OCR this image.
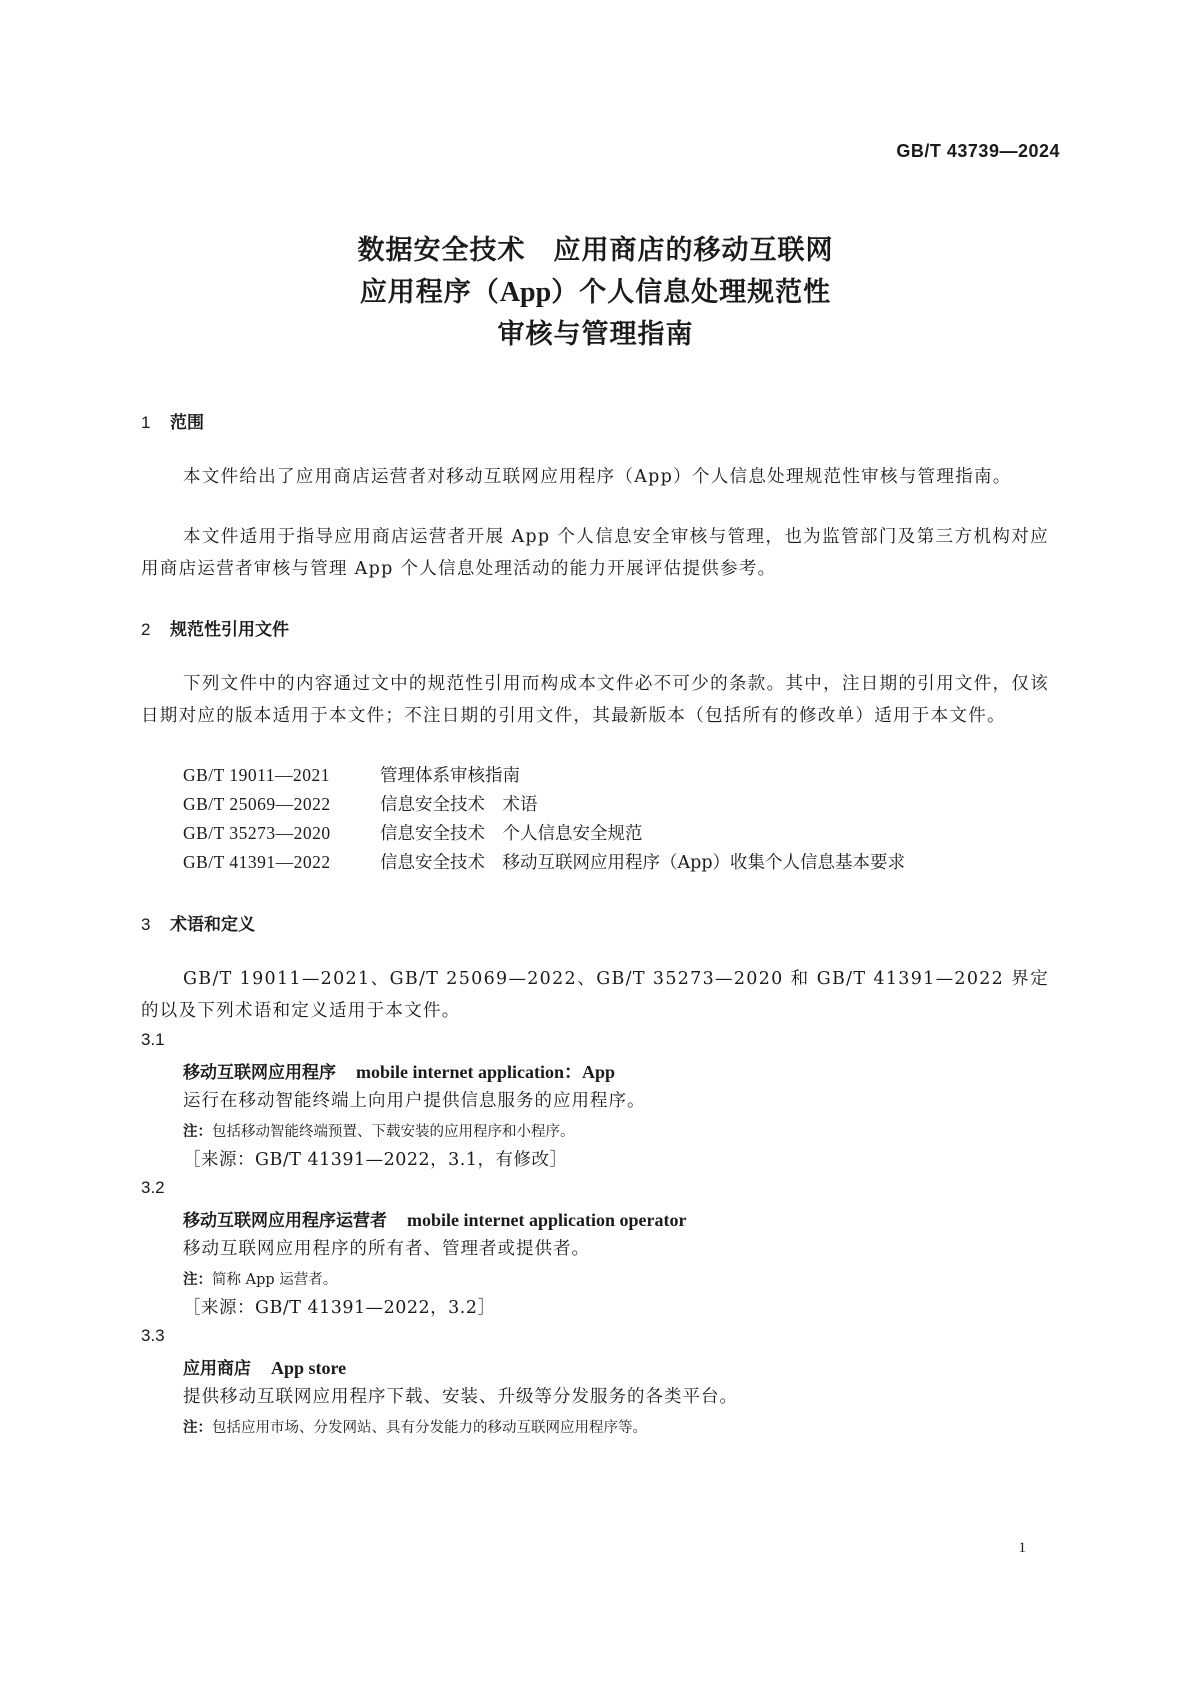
GB/T 43739—2024
数据安全技术　应用商店的移动互联网
应用程序（App）个人信息处理规范性
审核与管理指南
1 范围
本文件给出了应用商店运营者对移动互联网应用程序（App）个人信息处理规范性审核与管理指南。
本文件适用于指导应用商店运营者开展 App 个人信息安全审核与管理，也为监管部门及第三方机构对应用商店运营者审核与管理 App 个人信息处理活动的能力开展评估提供参考。
2 规范性引用文件
下列文件中的内容通过文中的规范性引用而构成本文件必不可少的条款。其中，注日期的引用文件，仅该日期对应的版本适用于本文件；不注日期的引用文件，其最新版本（包括所有的修改单）适用于本文件。
GB/T 19011—2021	管理体系审核指南
GB/T 25069—2022	信息安全技术　术语
GB/T 35273—2020	信息安全技术　个人信息安全规范
GB/T 41391—2022	信息安全技术　移动互联网应用程序（App）收集个人信息基本要求
3 术语和定义
GB/T 19011—2021、GB/T 25069—2022、GB/T 35273—2020 和 GB/T 41391—2022 界定的以及下列术语和定义适用于本文件。
3.1
移动互联网应用程序 mobile internet application：App
运行在移动智能终端上向用户提供信息服务的应用程序。
注：包括移动智能终端预置、下载安装的应用程序和小程序。
［来源：GB/T 41391—2022，3.1，有修改］
3.2
移动互联网应用程序运营者 mobile internet application operator
移动互联网应用程序的所有者、管理者或提供者。
注：简称 App 运营者。
［来源：GB/T 41391—2022，3.2］
3.3
应用商店 App store
提供移动互联网应用程序下载、安装、升级等分发服务的各类平台。
注：包括应用市场、分发网站、具有分发能力的移动互联网应用程序等。
1
